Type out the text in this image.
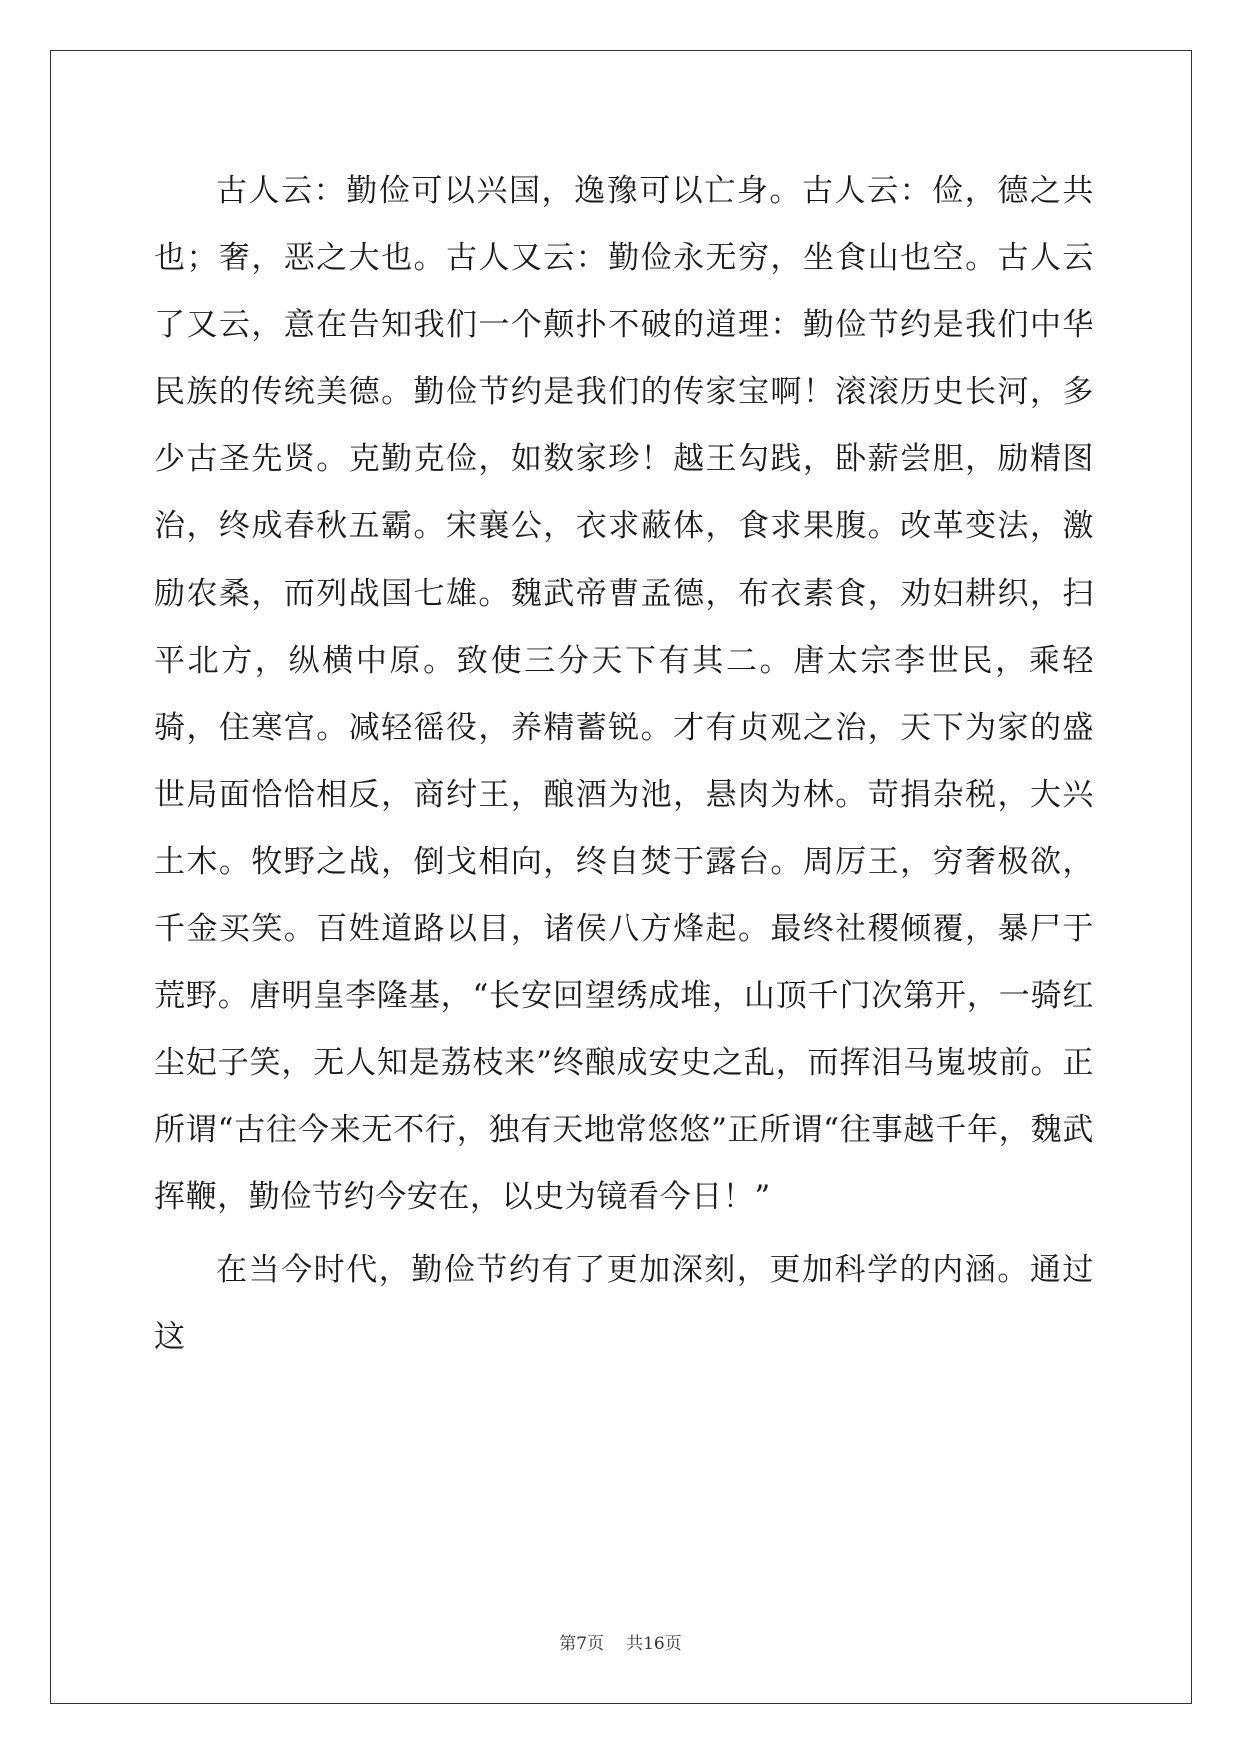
古人云：勤俭可以兴国，逸豫可以亡身。古人云：俭，德之共也；奢，恶之大也。古人又云：勤俭永无穷，坐食山也空。古人云了又云，意在告知我们一个颠扑不破的道理：勤俭节约是我们中华民族的传统美德。勤俭节约是我们的传家宝啊！滚滚历史长河，多少古圣先贤。克勤克俭，如数家珍！越王勾践，卧薪尝胆，励精图治，终成春秋五霸。宋襄公，衣求蔽体，食求果腹。改革变法，激励农桑，而列战国七雄。魏武帝曹孟德，布衣素食，劝妇耕织，扫平北方，纵横中原。致使三分天下有其二。唐太宗李世民，乘轻骑，住寒宫。减轻徭役，养精蓄锐。才有贞观之治，天下为家的盛世局面恰恰相反，商纣王，酿酒为池，悬肉为林。苛捐杂税，大兴土木。牧野之战，倒戈相向，终自焚于露台。周厉王，穷奢极欲，千金买笑。百姓道路以目，诸侯八方烽起。最终社稷倾覆，暴尸于荒野。唐明皇李隆基，“长安回望绣成堆，山顶千门次第开，一骑红尘妃子笑，无人知是荔枝来”终酿成安史之乱，而挥泪马嵬坡前。正所谓“古往今来无不行，独有天地常悠悠”正所谓“往事越千年，魏武挥鞭，勤俭节约今安在，以史为镜看今日！”

在当今时代，勤俭节约有了更加深刻，更加科学的内涵。通过这

第7页 共16页
